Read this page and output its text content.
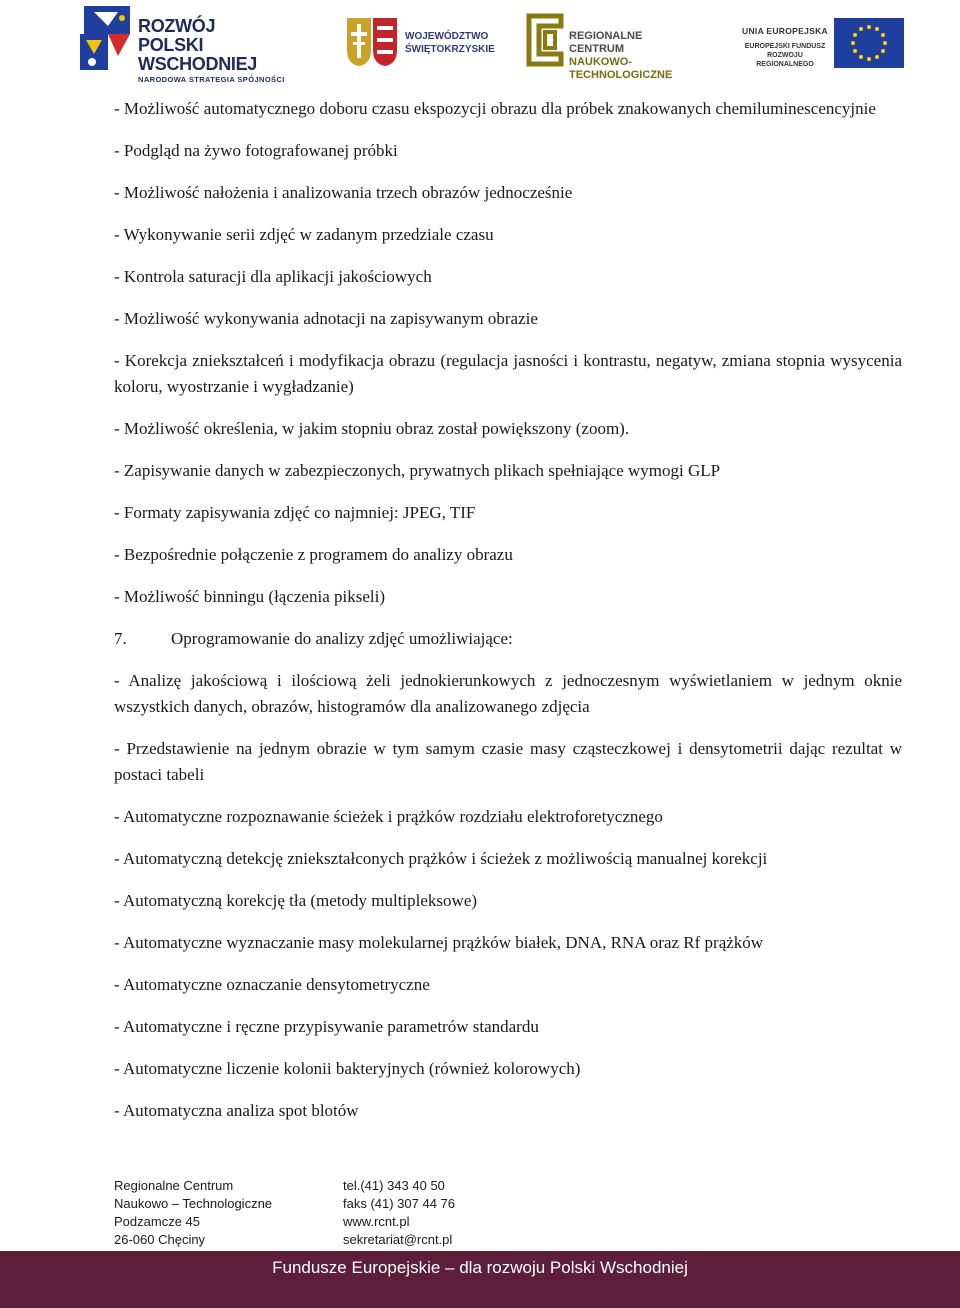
ROZWÓJ
POLSKI WSCHODNIEJ
NARODOWA STRATEGIA SPÓJNOŚCI
WOJEWÓDZTWO
ŚWIĘTOKRZYSKIE
REGIONALNE CENTRUM
NAUKOWO-TECHNOLOGICZNE
UNIA EUROPEJSKA
EUROPEJSKI FUNDUSZ
ROZWOJU REGIONALNEGO

- Możliwość automatycznego doboru czasu ekspozycji obrazu dla próbek znakowanych chemiluminescencyjnie

- Podgląd na żywo fotografowanej próbki

- Możliwość nałożenia i analizowania trzech obrazów jednocześnie

- Wykonywanie serii zdjęć w zadanym przedziale czasu

- Kontrola saturacji dla aplikacji jakościowych

- Możliwość wykonywania adnotacji na zapisywanym obrazie

- Korekcja zniekształceń i modyfikacja obrazu (regulacja jasności i kontrastu, negatyw, zmiana stopnia wysycenia koloru, wyostrzanie i wygładzanie)

- Możliwość określenia, w jakim stopniu obraz został powiększony (zoom).

- Zapisywanie danych w zabezpieczonych, prywatnych plikach spełniające wymogi GLP

- Formaty zapisywania zdjęć co najmniej: JPEG, TIF

- Bezpośrednie połączenie z programem do analizy obrazu

- Możliwość binningu (łączenia pikseli)

7.	Oprogramowanie do analizy zdjęć umożliwiające:

- Analizę jakościową i ilościową żeli jednokierunkowych z jednoczesnym wyświetlaniem w jednym oknie wszystkich danych, obrazów, histogramów dla analizowanego zdjęcia

- Przedstawienie na jednym obrazie w tym samym czasie masy cząsteczkowej i densytometrii dając rezultat w postaci tabeli

- Automatyczne rozpoznawanie ścieżek i prążków rozdziału elektroforetycznego

- Automatyczną detekcję zniekształconych prążków i ścieżek z możliwością manualnej korekcji

- Automatyczną korekcję tła (metody multipleksowe)

- Automatyczne wyznaczanie masy molekularnej prążków białek, DNA, RNA oraz Rf prążków

- Automatyczne oznaczanie densytometryczne

- Automatyczne i ręczne przypisywanie parametrów standardu

- Automatyczne liczenie kolonii bakteryjnych (również kolorowych)

- Automatyczna analiza spot blotów

Regionalne Centrum
Naukowo – Technologiczne
Podzamcze 45
26-060 Chęciny
tel.(41) 343 40 50
faks (41) 307 44 76
www.rcnt.pl
sekretariat@rcnt.pl
Fundusze Europejskie – dla rozwoju Polski Wschodniej
